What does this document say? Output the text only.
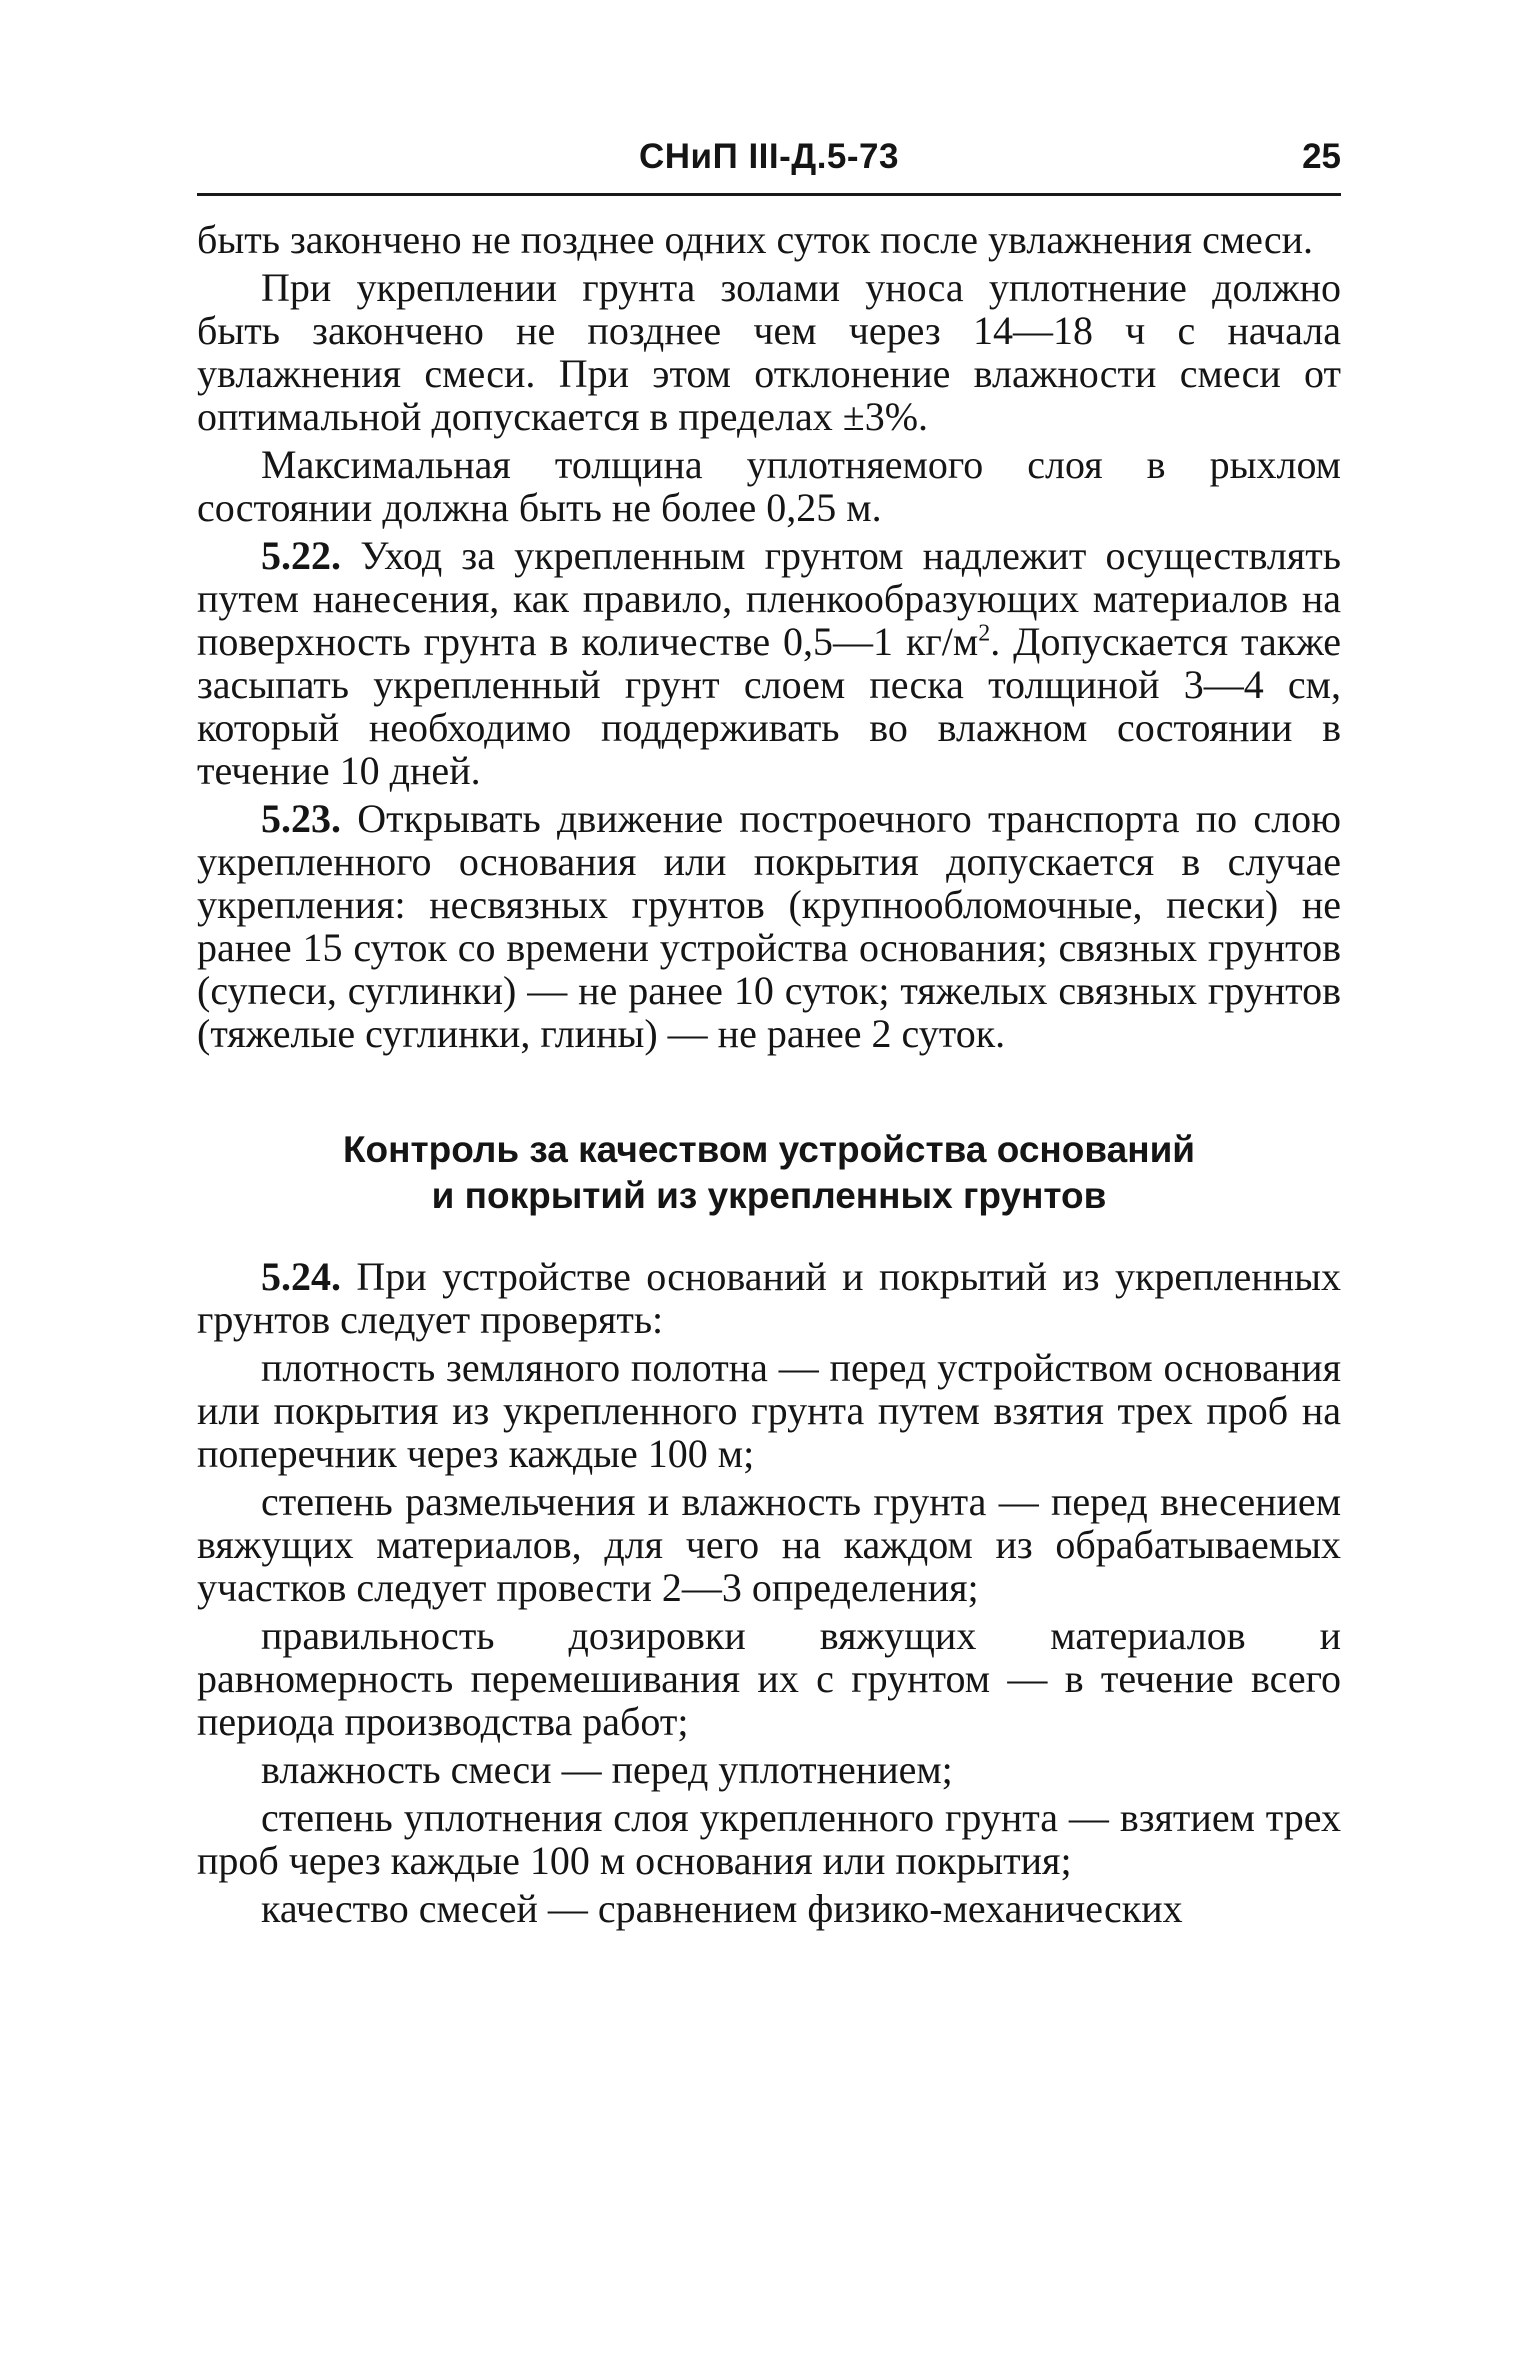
СНиП III-Д.5-73	25

быть закончено не позднее одних суток после увлажнения смеси.

При укреплении грунта золами уноса уплотнение должно быть закончено не позднее чем через 14—18 ч с начала увлажнения смеси. При этом отклонение влажности смеси от оптимальной допускается в пределах ±3%.

Максимальная толщина уплотняемого слоя в рыхлом состоянии должна быть не более 0,25 м.

5.22. Уход за укрепленным грунтом надлежит осуществлять путем нанесения, как правило, пленкообразующих материалов на поверхность грунта в количестве 0,5—1 $кг/м^2$. Допускается также засыпать укрепленный грунт слоем песка толщиной 3—4 см, который необходимо поддерживать во влажном состоянии в течение 10 дней.

5.23. Открывать движение построечного транспорта по слою укрепленного основания или покрытия допускается в случае укрепления: несвязных грунтов (крупнообломочные, пески) не ранее 15 суток со времени устройства основания; связных грунтов (супеси, суглинки) — не ранее 10 суток; тяжелых связных грунтов (тяжелые суглинки, глины) — не ранее 2 суток.

Контроль за качеством устройства оснований
и покрытий из укрепленных грунтов

5.24. При устройстве оснований и покрытий из укрепленных грунтов следует проверять:

плотность земляного полотна — перед устройством основания или покрытия из укрепленного грунта путем взятия трех проб на поперечник через каждые 100 м;

степень размельчения и влажность грунта — перед внесением вяжущих материалов, для чего на каждом из обрабатываемых участков следует провести 2—3 определения;

правильность дозировки вяжущих материалов и равномерность перемешивания их с грунтом — в течение всего периода производства работ;

влажность смеси — перед уплотнением;

степень уплотнения слоя укрепленного грунта — взятием трех проб через каждые 100 м основания или покрытия;

качество смесей — сравнением физико-механических
